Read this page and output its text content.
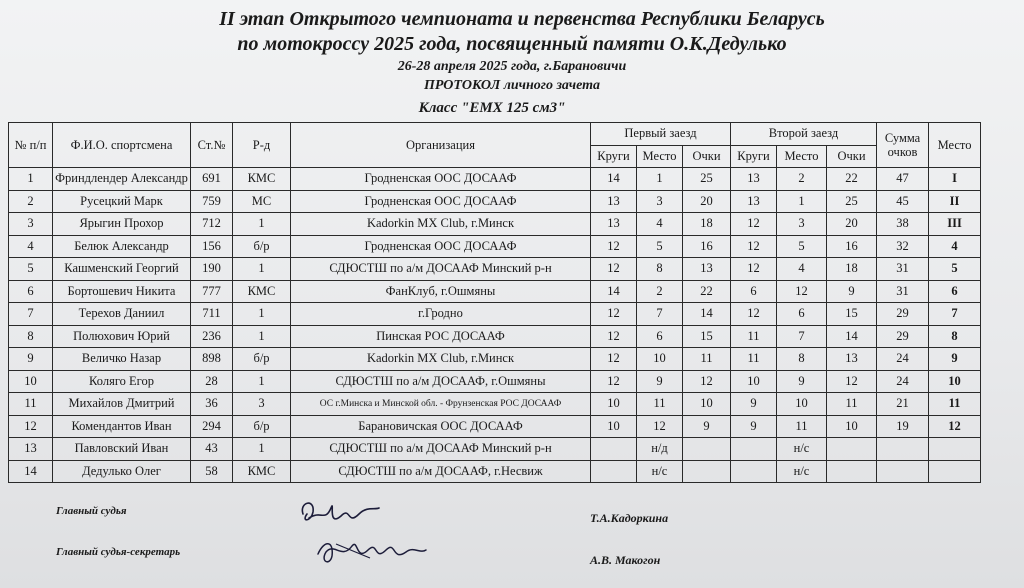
II этап Открытого чемпионата и первенства Республики Беларусь
по мотокроссу 2025 года, посвященный памяти О.К.Дедулько
26-28 апреля 2025 года, г.Барановичи
ПРОТОКОЛ личного зачета
Класс "EMX 125 см3"
№ п/п	Ф.И.О. спортсмена	Ст.№	Р-д	Организация	Первый заезд			Второй заезд			Сумма очков	Место
					Круги	Место	Очки	Круги	Место	Очки		
1	Фриндлендер Александр	691	КМС	Гродненская ООС ДОСААФ	14	1	25	13	2	22	47	I
2	Русецкий Марк	759	МС	Гродненская ООС ДОСААФ	13	3	20	13	1	25	45	II
3	Ярыгин Прохор	712	1	Kadorkin MX Club, г.Минск	13	4	18	12	3	20	38	III
4	Белюк Александр	156	б/р	Гродненская ООС ДОСААФ	12	5	16	12	5	16	32	4
5	Кашменский Георгий	190	1	СДЮСТШ по а/м ДОСААФ Минский р-н	12	8	13	12	4	18	31	5
6	Бортошевич Никита	777	КМС	ФанКлуб, г.Ошмяны	14	2	22	6	12	9	31	6
7	Терехов Даниил	711	1	г.Гродно	12	7	14	12	6	15	29	7
8	Полюхович Юрий	236	1	Пинская РОС ДОСААФ	12	6	15	11	7	14	29	8
9	Величко Назар	898	б/р	Kadorkin MX Club, г.Минск	12	10	11	11	8	13	24	9
10	Коляго Егор	28	1	СДЮСТШ по а/м ДОСААФ, г.Ошмяны	12	9	12	10	9	12	24	10
11	Михайлов Дмитрий	36	3	ОС г.Минска и Минской обл. - Фрунзенская РОС ДОСААФ	10	11	10	9	10	11	21	11
12	Комендантов Иван	294	б/р	Барановичская ООС ДОСААФ	10	12	9	9	11	10	19	12
13	Павловский Иван	43	1	СДЮСТШ по а/м ДОСААФ Минский р-н		н/д			н/с			
14	Дедулько Олег	58	КМС	СДЮСТШ по а/м ДОСААФ, г.Несвиж		н/с			н/с			
Главный судья	Т.А.Кадоркина
Главный судья-секретарь
А.В. Макогон
